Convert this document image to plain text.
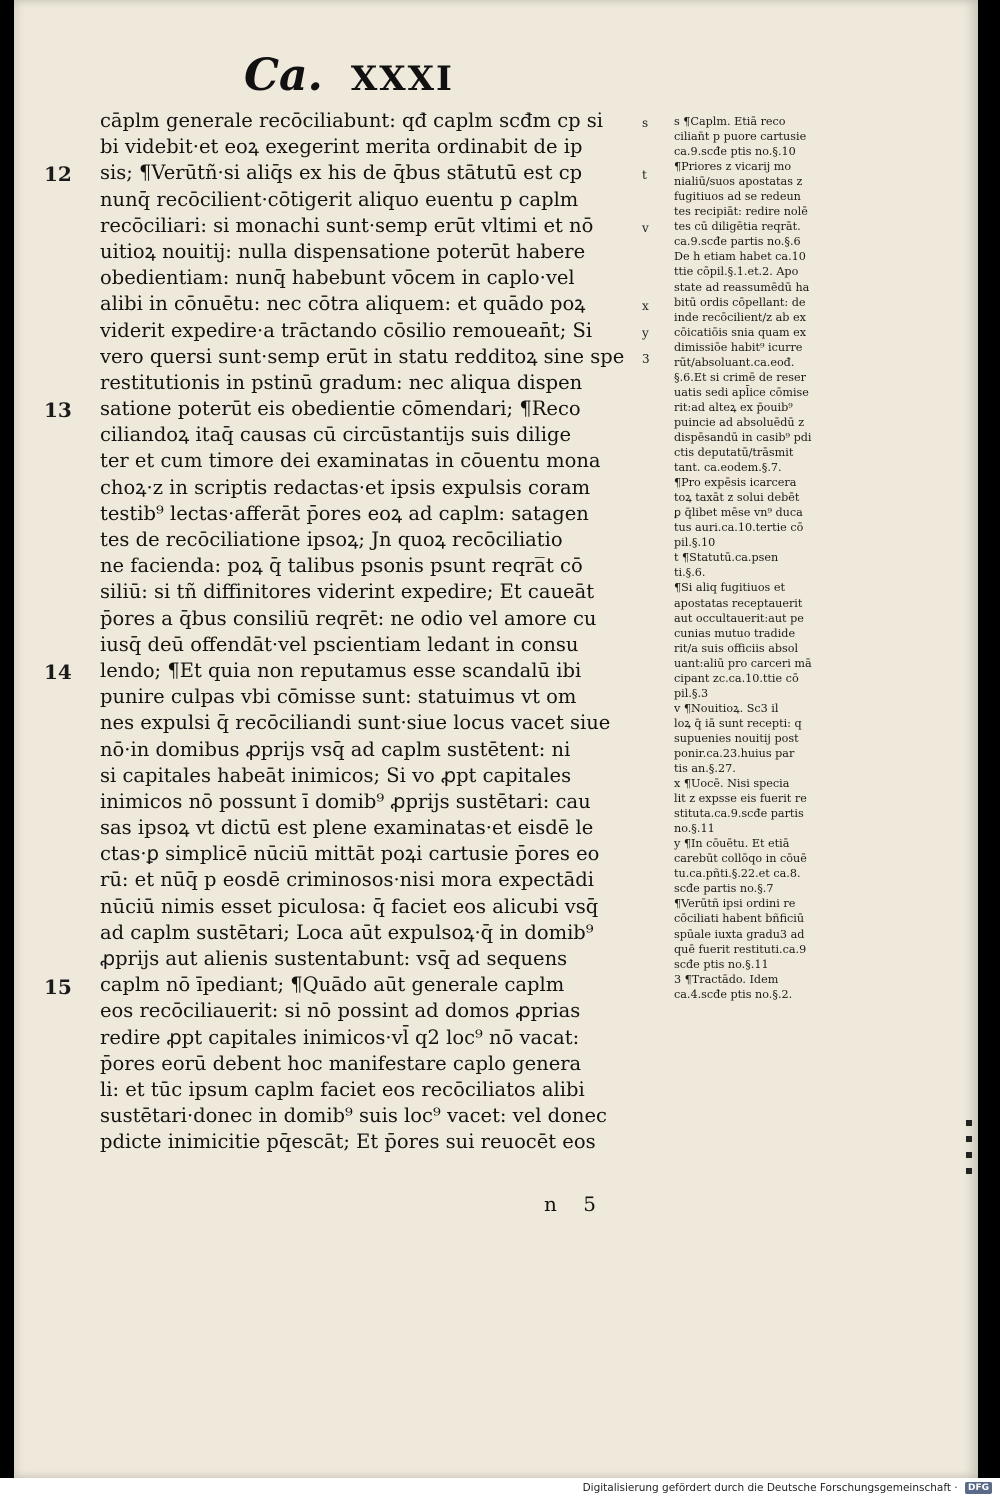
Ca. XXXI
cāplm generale recōciliabunt: qđ caplm scđm cp si
bi videbit·et eoꝝ exegerint merita ordinabit de ip
sis; ¶Verūtñ·si aliq̄s ex his de q̄bus stātutū est cp
nunq̄ recōcilient·cōtigerit aliquo euentu p caplm
recōciliari: si monachi sunt·semp erūt vltimi et nō
uitioꝝ nouitij: nulla dispensatione poterūt habere
obedientiam: nunq̄ habebunt vōcem in caplo·vel
alibi in cōnuētu: nec cōtra aliquem: et quādo poꝝ
viderit expedire·a trāctando cōsilio remouean̄t; Si
vero quersi sunt·semp erūt in statu redditoꝝ sine spe
restitutionis in pstinū gradum: nec aliqua dispen
satione poterūt eis obedientie cōmendari; ¶Reco
ciliandoꝝ itaq̄ causas cū circūstantijs suis dilige
ter et cum timore dei examinatas in cōuentu mona
choꝝ·z in scriptis redactas·et ipsis expulsis coram
testib⁹ lectas·afferāt p̄ores eoꝝ ad caplm: satagen
tes de recōciliatione ipsoꝝ; Jn quoꝝ recōciliatio
ne facienda: poꝝ q̄ talibus psonis psunt reqra̅t cō
siliū: si tñ diffinitores viderint expedire; Et caueāt
p̄ores a q̄bus consiliū reqrēt: ne odio vel amore cu
iusq̄ deū offendāt·vel pscientiam ledant in consu
lendo; ¶Et quia non reputamus esse scandalū ibi
punire culpas vbi cōmisse sunt: statuimus vt om
nes expulsi q̄ recōciliandi sunt·siue locus vacet siue
nō·in domibus ꝓprijs vsq̄ ad caplm sustētent: ni
si capitales habeāt inimicos; Si vo ꝓpt capitales
inimicos nō possunt ī domib⁹ ꝓprijs sustētari: cau
sas ipsoꝝ vt dictū est plene examinatas·et eisdē le
ctas·ꝑ simplicē nūciū mittāt poꝝi cartusie p̄ores eo
rū: et nūq̄ p eosdē criminosos·nisi mora expectādi
nūciū nimis esset piculosa: q̄ faciet eos alicubi vsq̄
ad caplm sustētari; Loca aūt expulsoꝝ·q̄ in domib⁹
ꝓprijs aut alienis sustentabunt: vsq̄ ad sequens
caplm nō īpediant; ¶Quādo aūt generale caplm
eos recōciliauerit: si nō possint ad domos ꝓprias
redire ꝓpt capitales inimicos·vl̄ q2 loc⁹ nō vacat:
p̄ores eorū debent hoc manifestare caplo genera
li: et tūc ipsum caplm faciet eos recōciliatos alibi
sustētari·donec in domib⁹ suis loc⁹ vacet: vel donec
pdicte inimicitie pq̄escāt; Et p̄ores sui reuocēt eos
s
t
v
x
y
3
12
13
14
15
s ¶Caplm. Etiā reco
cilian̄t p puore cartusie
ca.9.scđe ptis no.§.10
¶Priores z vicarij mo
nialiū/suos apostatas z
fugitiuos ad se redeun
tes recipiāt: redire nolē
tes cū diligētia reqrāt.
ca.9.scđe partis no.§.6
De h etiam habet ca.10
ttie cōpil.§.1.et.2. Apo
state ad reassumēdū ha
bitū ordis cōpellant: de
inde recōcilient/z ab ex
cōicatiōis snia quam ex
dimissiōe habit⁹ icurre
rūt/absoluant.ca.eođ.
§.6.Et si crimē de reser
uatis sedi apl̄ice cōmise
rit:ad alteꝝ ex p̄ouib⁹
puincie ad absoluēdū z
dispēsandū in casib⁹ pdi
ctis deputatū/trāsmit
tant. ca.eodem.§.7.
¶Pro expēsis icarcera
toꝝ taxāt z solui debēt
ꝑ q̄libet mēse vn⁹ duca
tus auri.ca.10.tertie cō
pil.§.10
t ¶Statutū.ca.psen
ti.§.6.
¶Si aliq fugitiuos et
apostatas receptauerit
aut occultauerit:aut pe
cunias mutuo tradide
rit/a suis officiis absol
uant:aliū pro carceri mā
cipant zc.ca.10.ttie cō
pil.§.3
v ¶Nouitioꝝ. Sc3 il
loꝝ q̄ iā sunt recepti: q
supuenies nouitij post
ponir.ca.23.huius par
tis an.§.27.
x ¶Uocē. Nisi specia
lit z expsse eis fuerit re
stituta.ca.9.scđe partis
no.§.11
y ¶In cōuētu. Et etiā
carebūt collōqo in cōuē
tu.ca.pñti.§.22.et ca.8.
scđe partis no.§.7
¶Verūtñ ipsi ordini re
cōciliati habent bñficiū
spūale iuxta gradu3 ad
quē fuerit restituti.ca.9
scđe ptis no.§.11
3 ¶Tractādo. Idem
ca.4.scđe ptis no.§.2.
n 5
Digitalisierung gefördert durch die Deutsche Forschungsgemeinschaft · DFG
